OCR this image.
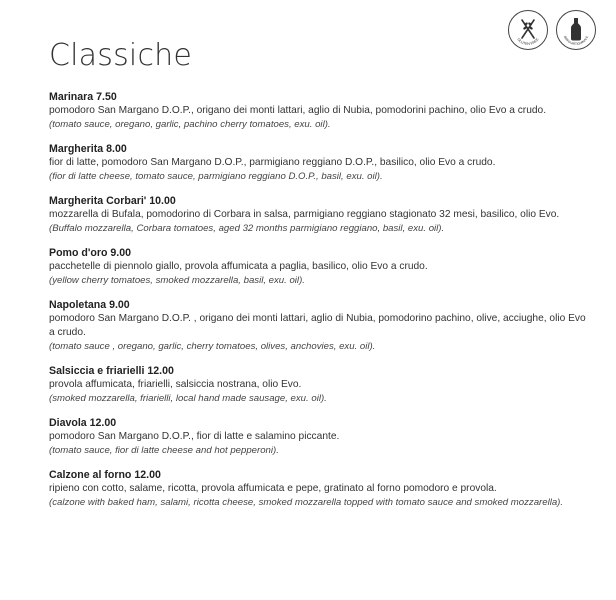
GLUTEN FREE
BIRRA ARTIGIANALE
Classiche
Marinara 7.50
pomodoro San Margano D.O.P., origano dei monti lattari, aglio di Nubia, pomodorini pachino, olio Evo a crudo.
(tomato sauce, oregano, garlic, pachino cherry tomatoes, exu. oil).
Margherita 8.00
fior di latte, pomodoro San Margano D.O.P., parmigiano reggiano D.O.P., basilico, olio Evo a crudo.
(fior di latte cheese, tomato sauce, parmigiano reggiano D.O.P., basil, exu. oil).
Margherita Corbari' 10.00
mozzarella di Bufala, pomodorino di Corbara in salsa, parmigiano reggiano stagionato 32 mesi, basilico, olio Evo.
(Buffalo mozzarella, Corbara tomatoes, aged 32 months parmigiano reggiano, basil, exu. oil).
Pomo d'oro 9.00
pacchetelle di piennolo giallo, provola affumicata a paglia, basilico, olio Evo a crudo.
(yellow cherry tomatoes, smoked mozzarella, basil, exu. oil).
Napoletana 9.00
pomodoro San Margano D.O.P. , origano dei monti lattari, aglio di Nubia, pomodorino pachino, olive, acciughe, olio Evo a crudo.
(tomato sauce , oregano, garlic, cherry tomatoes, olives, anchovies, exu. oil).
Salsiccia e friarielli 12.00
provola affumicata, friarielli, salsiccia nostrana, olio Evo.
(smoked mozzarella, friarielli, local hand made sausage, exu. oil).
Diavola 12.00
pomodoro San Margano D.O.P., fior di latte e salamino piccante.
(tomato sauce, fior di latte cheese and hot pepperoni).
Calzone al forno 12.00
ripieno con cotto, salame, ricotta, provola affumicata e pepe, gratinato al forno pomodoro e provola.
(calzone with baked ham, salami, ricotta cheese, smoked mozzarella topped with tomato sauce and smoked mozzarella).
